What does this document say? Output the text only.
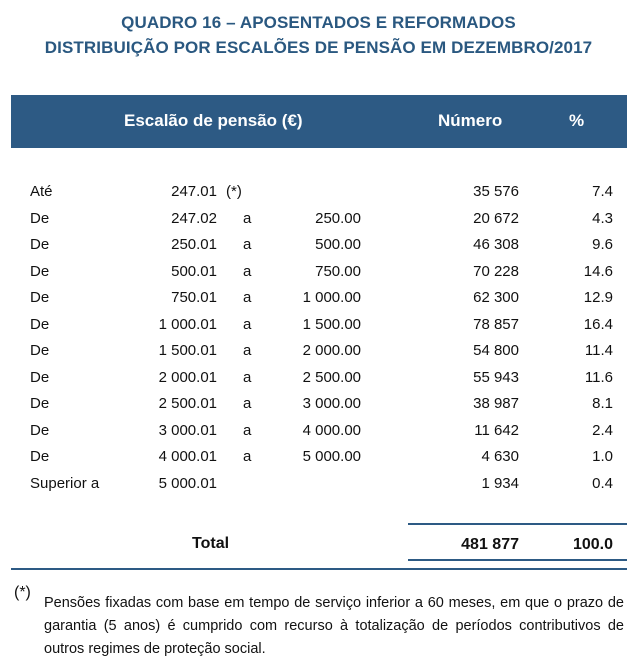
QUADRO 16 – APOSENTADOS E REFORMADOS
DISTRIBUIÇÃO POR ESCALÕES DE PENSÃO EM DEZEMBRO/2017
Escalão de pensão (€)	Número	%
Até	247.01 (*)	35 576	7.4
De	247.02 a	250.00	20 672	4.3
De	250.01 a	500.00	46 308	9.6
De	500.01 a	750.00	70 228	14.6
De	750.01 a	1 000.00	62 300	12.9
De	1 000.01 a	1 500.00	78 857	16.4
De	1 500.01 a	2 000.00	54 800	11.4
De	2 000.01 a	2 500.00	55 943	11.6
De	2 500.01 a	3 000.00	38 987	8.1
De	3 000.01 a	4 000.00	11 642	2.4
De	4 000.01 a	5 000.00	4 630	1.0
Superior a	5 000.01	1 934	0.4
Total	481 877	100.0
(*)
Pensões fixadas com base em tempo de serviço inferior a 60 meses, em que o prazo de garantia (5 anos) é cumprido com recurso à totalização de períodos contributivos de outros regimes de proteção social.
